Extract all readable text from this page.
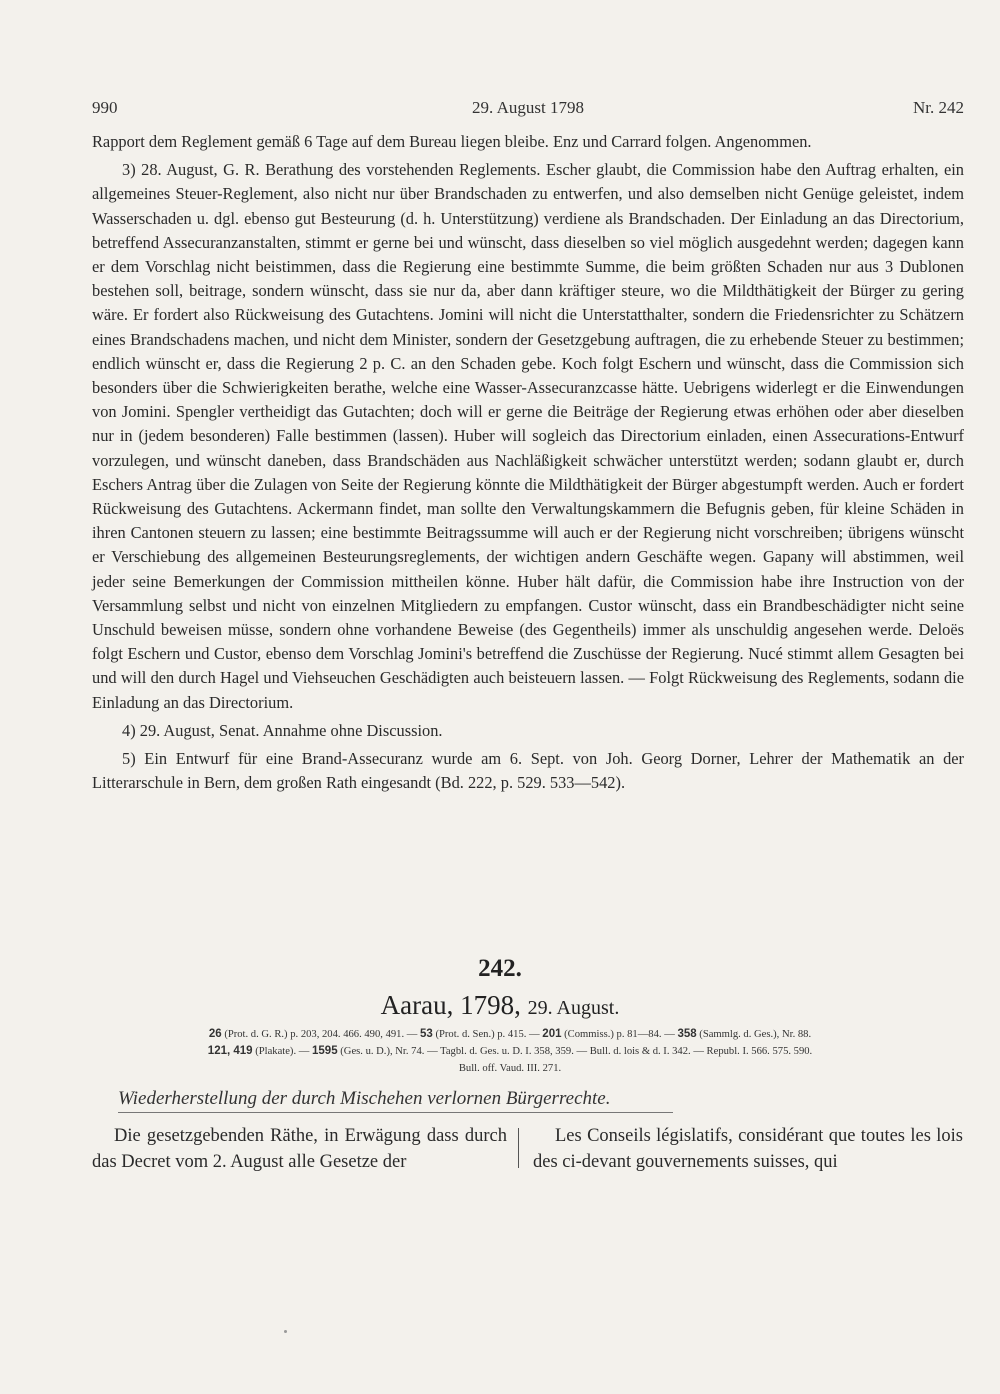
990	29. August 1798	Nr. 242

Rapport dem Reglement gemäß 6 Tage auf dem Bureau liegen bleibe. Enz und Carrard folgen. Angenommen.

3) 28. August, G. R. Berathung des vorstehenden Reglements. Escher glaubt, die Commission habe den Auftrag erhalten, ein allgemeines Steuer-Reglement, also nicht nur über Brandschaden zu entwerfen, und also demselben nicht Genüge geleistet, indem Wasserschaden u. dgl. ebenso gut Besteurung (d. h. Unterstützung) verdiene als Brandschaden. Der Einladung an das Directorium, betreffend Assecuranzanstalten, stimmt er gerne bei und wünscht, dass dieselben so viel möglich ausgedehnt werden; dagegen kann er dem Vorschlag nicht beistimmen, dass die Regierung eine bestimmte Summe, die beim größten Schaden nur aus 3 Dublonen bestehen soll, beitrage, sondern wünscht, dass sie nur da, aber dann kräftiger steure, wo die Mildthätigkeit der Bürger zu gering wäre. Er fordert also Rückweisung des Gutachtens. Jomini will nicht die Unterstatthalter, sondern die Friedensrichter zu Schätzern eines Brandschadens machen, und nicht dem Minister, sondern der Gesetzgebung auftragen, die zu erhebende Steuer zu bestimmen; endlich wünscht er, dass die Regierung 2 p. C. an den Schaden gebe. Koch folgt Eschern und wünscht, dass die Commission sich besonders über die Schwierigkeiten berathe, welche eine Wasser-Assecuranzcasse hätte. Uebrigens widerlegt er die Einwendungen von Jomini. Spengler vertheidigt das Gutachten; doch will er gerne die Beiträge der Regierung etwas erhöhen oder aber dieselben nur in (jedem besonderen) Falle bestimmen (lassen). Huber will sogleich das Directorium einladen, einen Assecurations-Entwurf vorzulegen, und wünscht daneben, dass Brandschäden aus Nachläßigkeit schwächer unterstützt werden; sodann glaubt er, durch Eschers Antrag über die Zulagen von Seite der Regierung könnte die Mildthätigkeit der Bürger abgestumpft werden. Auch er fordert Rückweisung des Gutachtens. Ackermann findet, man sollte den Verwaltungskammern die Befugnis geben, für kleine Schäden in ihren Cantonen steuern zu lassen; eine bestimmte Beitragssumme will auch er der Regierung nicht vorschreiben; übrigens wünscht er Verschiebung des allgemeinen Besteurungsreglements, der wichtigen andern Geschäfte wegen. Gapany will abstimmen, weil jeder seine Bemerkungen der Commission mittheilen könne. Huber hält dafür, die Commission habe ihre Instruction von der Versammlung selbst und nicht von einzelnen Mitgliedern zu empfangen. Custor wünscht, dass ein Brandbeschädigter nicht seine Unschuld beweisen müsse, sondern ohne vorhandene Beweise (des Gegentheils) immer als unschuldig angesehen werde. Deloës folgt Eschern und Custor, ebenso dem Vorschlag Jomini's betreffend die Zuschüsse der Regierung. Nucé stimmt allem Gesagten bei und will den durch Hagel und Viehseuchen Geschädigten auch beisteuern lassen. — Folgt Rückweisung des Reglements, sodann die Einladung an das Directorium.

4) 29. August, Senat. Annahme ohne Discussion.

5) Ein Entwurf für eine Brand-Assecuranz wurde am 6. Sept. von Joh. Georg Dorner, Lehrer der Mathematik an der Litterarschule in Bern, dem großen Rath eingesandt (Bd. 222, p. 529. 533—542).

242.
Aarau, 1798, 29. August.
26 (Prot. d. G. R.) p. 203, 204. 466. 490, 491. — 53 (Prot. d. Sen.) p. 415. — 201 (Commiss.) p. 81—84. — 358 (Sammlg. d. Ges.), Nr. 88.
121, 419 (Plakate). — 1595 (Ges. u. D.), Nr. 74. — Tagbl. d. Ges. u. D. I. 358, 359. — Bull. d. lois & d. I. 342. — Republ. I. 566. 575. 590.
Bull. off. Vaud. III. 271.
Wiederherstellung der durch Mischehen verlornen Bürgerrechte.

Die gesetzgebenden Räthe, in Erwägung dass durch das Decret vom 2. August alle Gesetze der

Les Conseils législatifs, considérant que toutes les lois des ci-devant gouvernements suisses, qui
